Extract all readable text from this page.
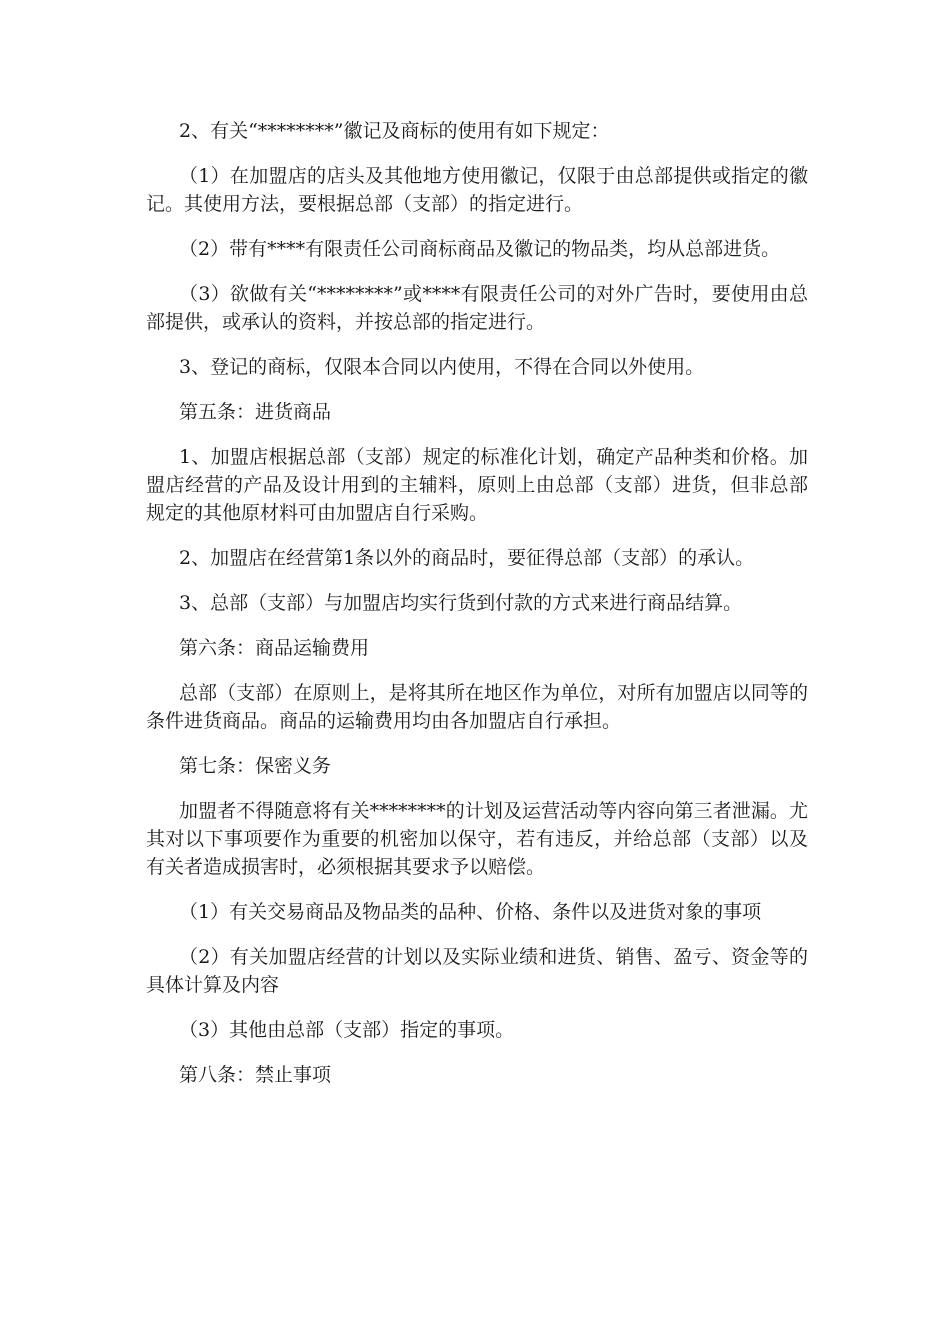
2、有关“********”徽记及商标的使用有如下规定：

（1）在加盟店的店头及其他地方使用徽记，仅限于由总部提供或指定的徽记。其使用方法，要根据总部（支部）的指定进行。

（2）带有****有限责任公司商标商品及徽记的物品类，均从总部进货。

（3）欲做有关“********”或****有限责任公司的对外广告时，要使用由总部提供，或承认的资料，并按总部的指定进行。

3、登记的商标，仅限本合同以内使用，不得在合同以外使用。

第五条：进货商品

1、加盟店根据总部（支部）规定的标准化计划，确定产品种类和价格。加盟店经营的产品及设计用到的主辅料，原则上由总部（支部）进货，但非总部规定的其他原材料可由加盟店自行采购。

2、加盟店在经营第1条以外的商品时，要征得总部（支部）的承认。

3、总部（支部）与加盟店均实行货到付款的方式来进行商品结算。

第六条：商品运输费用

总部（支部）在原则上，是将其所在地区作为单位，对所有加盟店以同等的条件进货商品。商品的运输费用均由各加盟店自行承担。

第七条：保密义务

加盟者不得随意将有关********的计划及运营活动等内容向第三者泄漏。尤其对以下事项要作为重要的机密加以保守，若有违反，并给总部（支部）以及有关者造成损害时，必须根据其要求予以赔偿。

（1）有关交易商品及物品类的品种、价格、条件以及进货对象的事项

（2）有关加盟店经营的计划以及实际业绩和进货、销售、盈亏、资金等的具体计算及内容

（3）其他由总部（支部）指定的事项。

第八条：禁止事项
